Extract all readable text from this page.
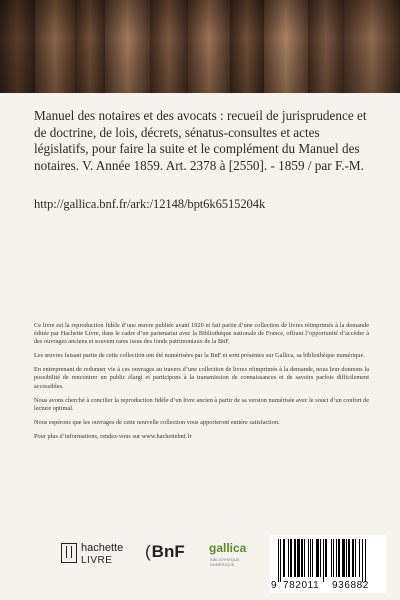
Manuel des notaires et des avocats : recueil de jurisprudence et de doctrine, de lois, décrets, sénatus-consultes et actes législatifs, pour faire la suite et le complément du Manuel des notaires. V. Année 1859. Art. 2378 à [2550]. - 1859 / par F.-M.

http://gallica.bnf.fr/ark:/12148/bpt6k6515204k

Ce livre est la reproduction fidèle d’une œuvre publiée avant 1920 et fait partie d’une collection de livres réimprimés à la demande éditée par Hachette Livre, dans le cadre d’un partenariat avec la Bibliothèque nationale de France, offrant l’opportunité d’accéder à des ouvrages anciens et souvent rares issus des fonds patrimoniaux de la BnF.

Les œuvres faisant partie de cette collection ont été numérisées par la BnF et sont présentes sur Gallica, sa bibliothèque numérique.

En entreprenant de redonner vie à ces ouvrages au travers d’une collection de livres réimprimés à la demande, nous leur donnons la possibilité de rencontrer un public élargi et participons à la transmission de connaissances et de savoirs parfois difficilement accessibles.

Nous avons cherché à concilier la reproduction fidèle d’un livre ancien à partir de sa version numérisée avec le souci d’un confort de lecture optimal.

Nous espérons que les ouvrages de cette nouvelle collection vous apporteront entière satisfaction.

Pour plus d’informations, rendez-vous sur www.hachettebnf.fr

hachette
LIVRE (BnF gallica
BIBLIOTHÈQUE NUMÉRIQUE
9 782011 936882
